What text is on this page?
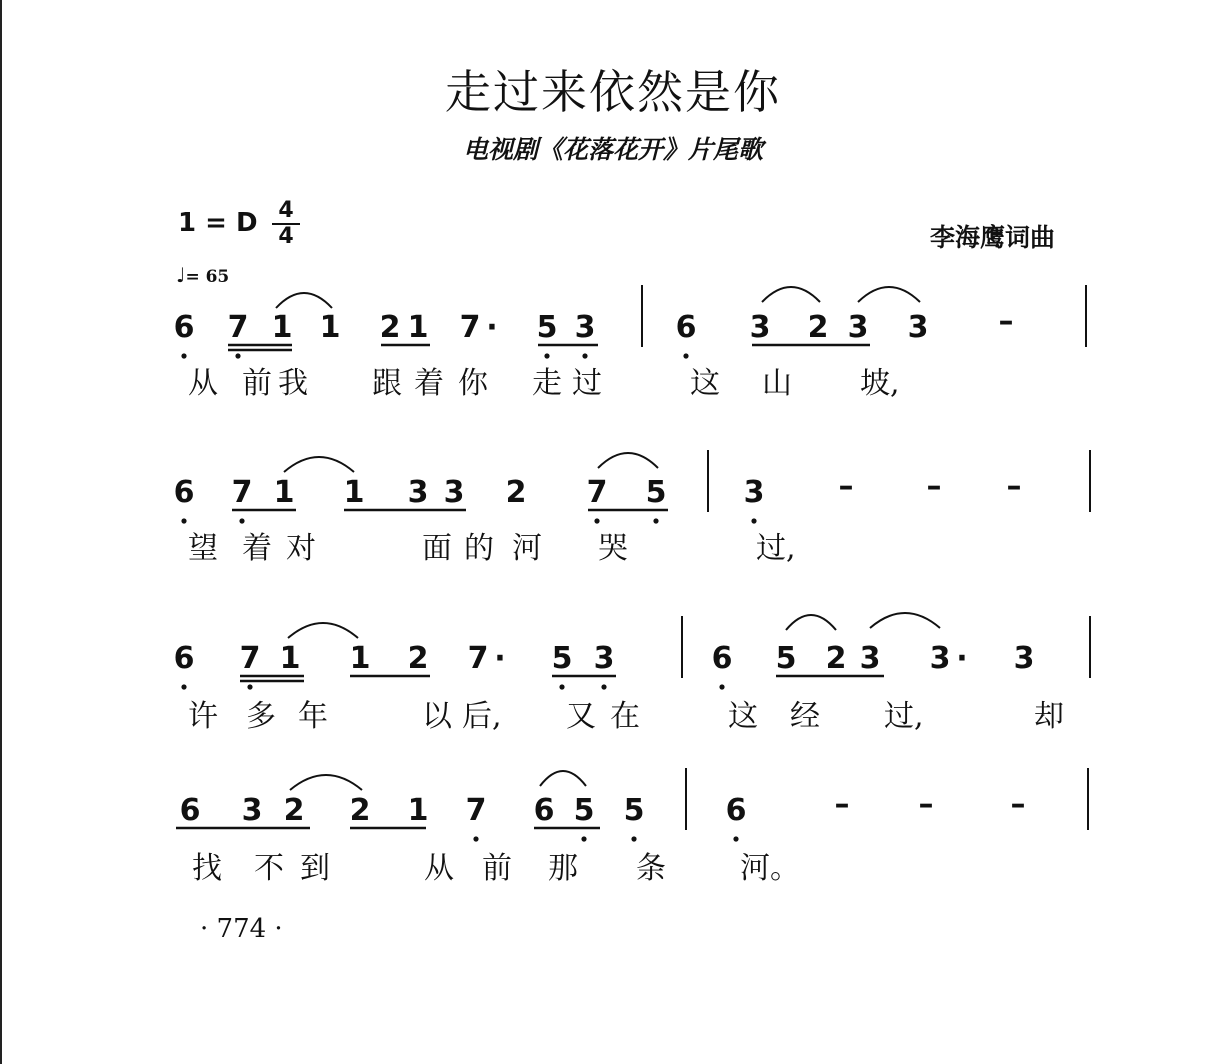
走过来依然是你
电视剧《花落花开》片尾歌
1 = D $\frac{4}{4}$
♩= 65
李海鹰词曲
6 7 1 1 2 1 7 · 5 3	6 3 2 3 3 –
6 7 1 1 3 3 2 7 5	3 – – –
6 7 1 1 2 7 · 5 3	6 5 2 3 3 · 3
6 3 2 2 1 7 6 5 5	6	– –	–
从 前 我 跟 着 你 走 过	这 山 坡,
望 着 对	面 的 河 哭	过,
许 多 年	以 后, 又 在	这 经 过,	却
找 不 到	从 前 那 条 河。
· 774 ·
